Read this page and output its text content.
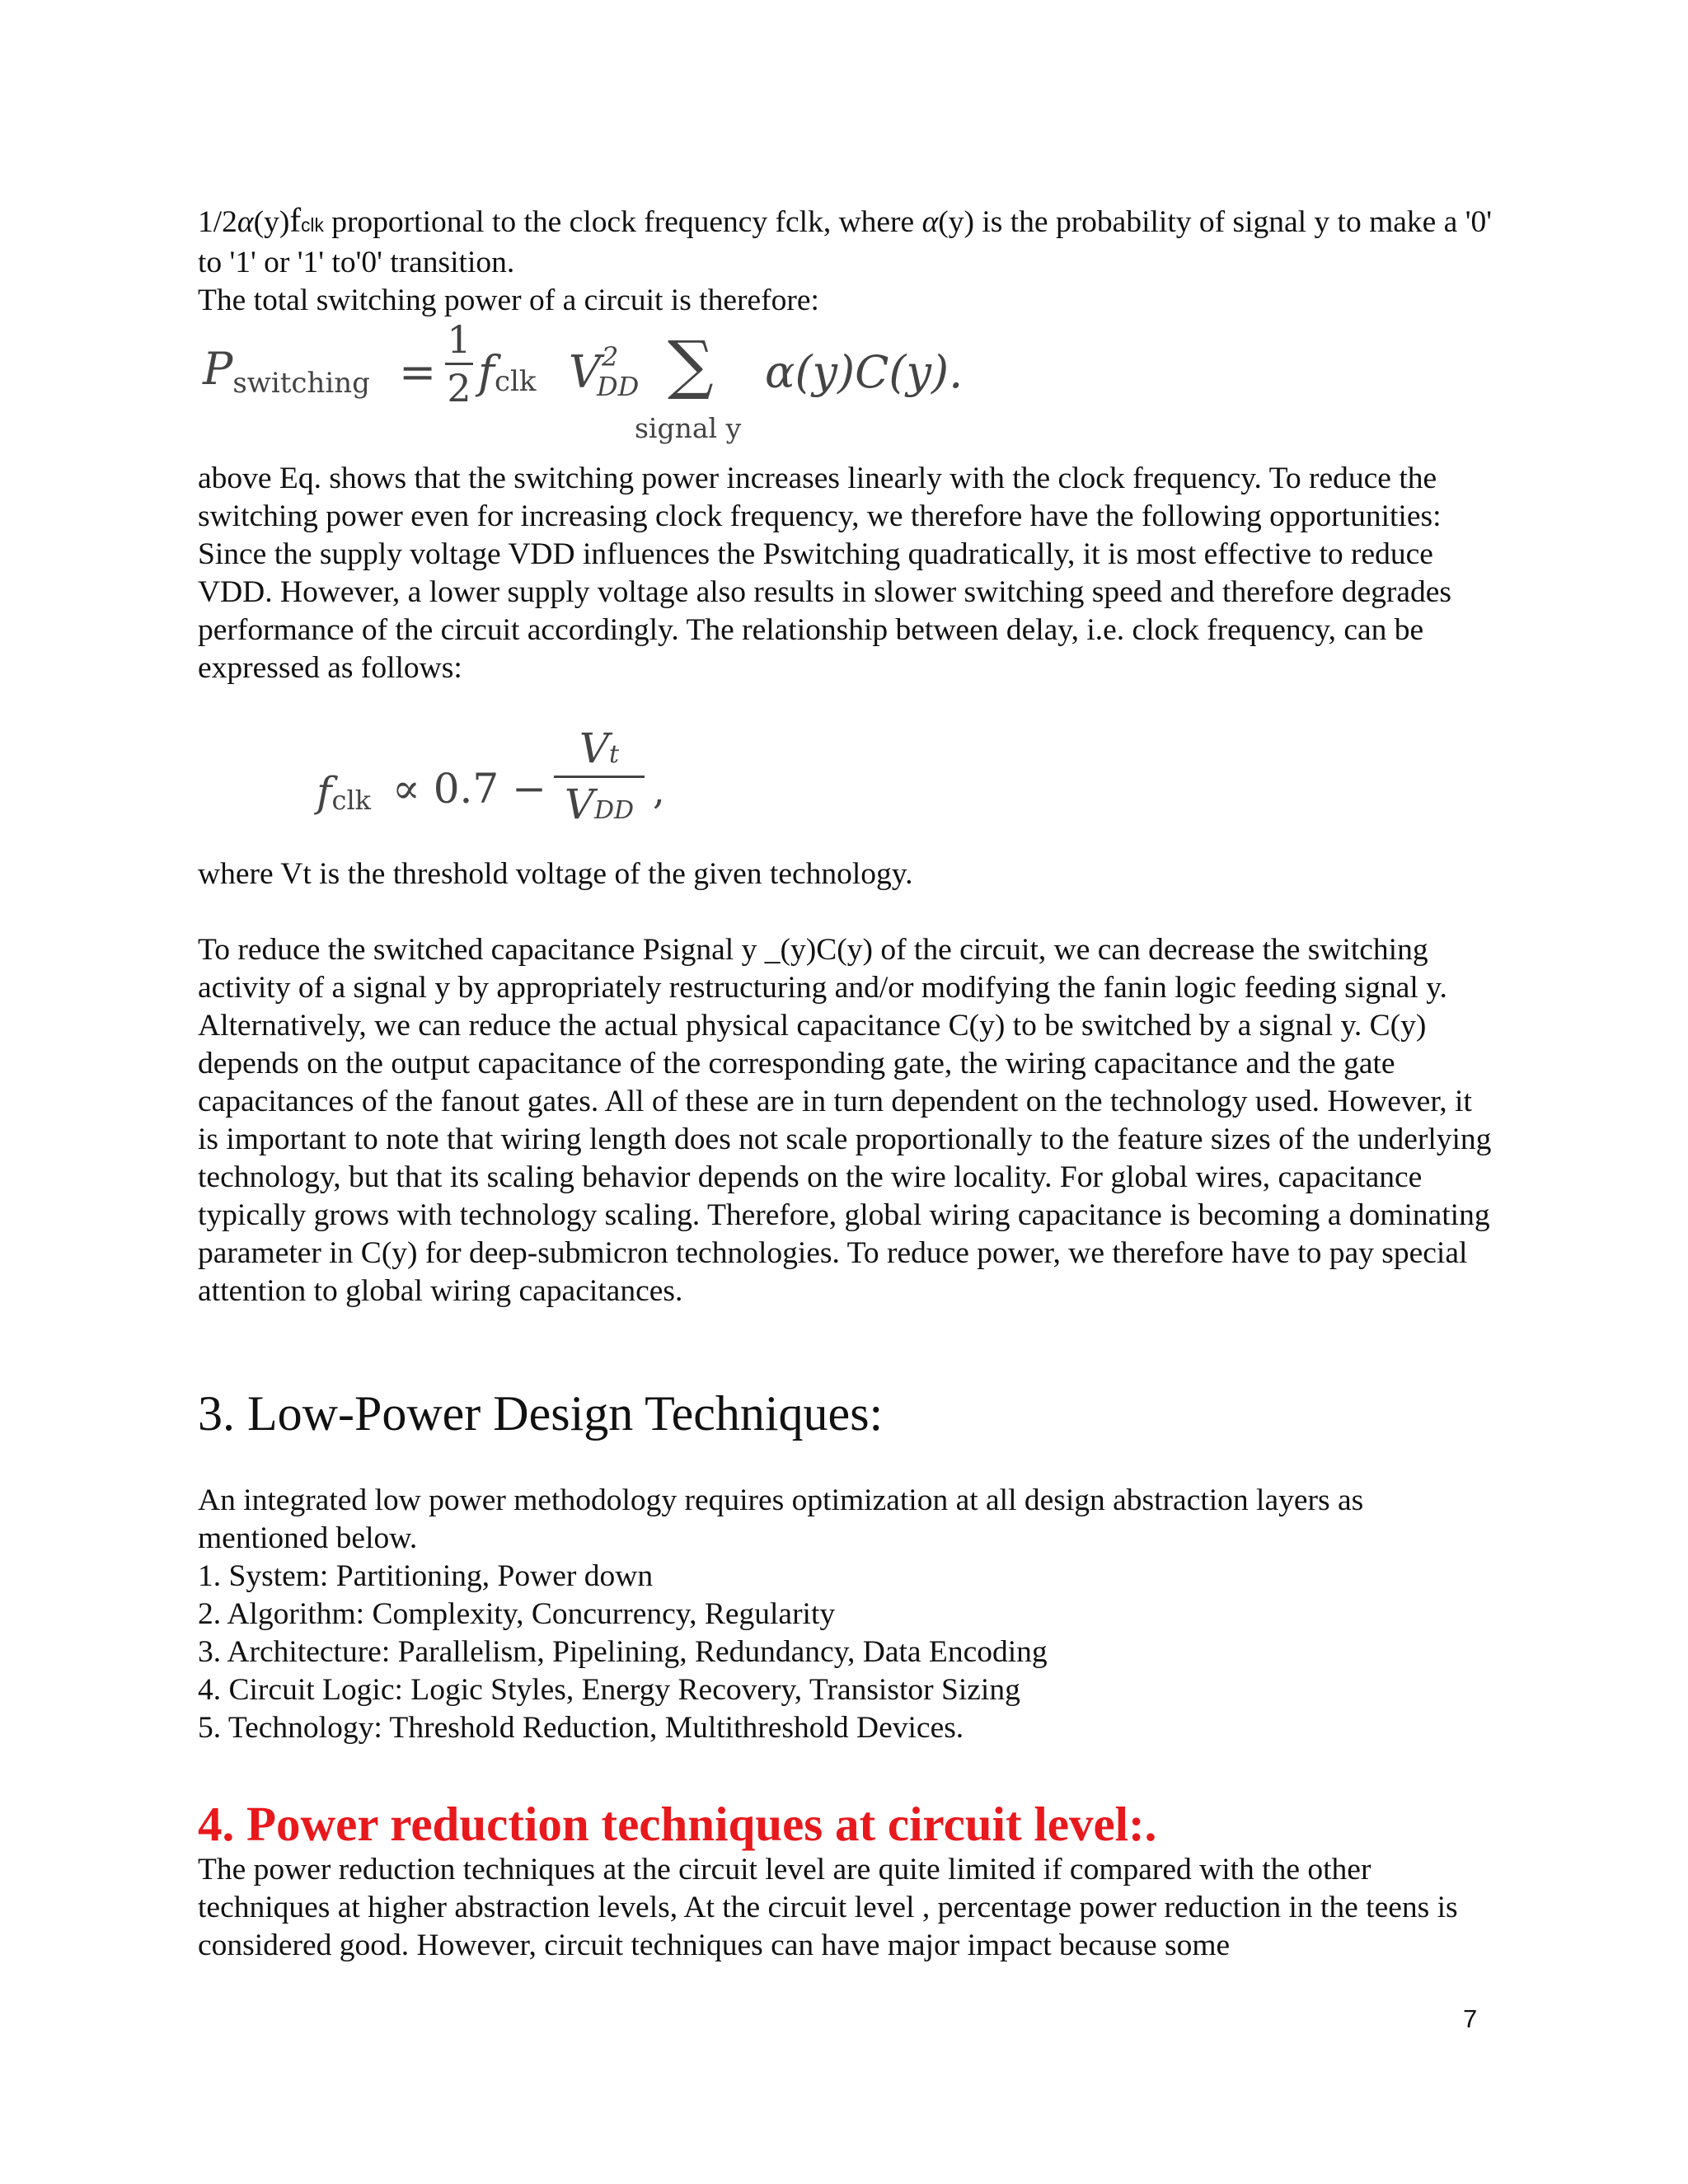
1/2α(y)fclk proportional to the clock frequency fclk, where α(y) is the probability of signal y to make a '0' to '1' or '1' to'0' transition.

The total switching power of a circuit is therefore:

Pswitching =
1
2 fclk V 2
DD ∑
signal y
α(y)C(y).

above Eq. shows that the switching power increases linearly with the clock frequency. To reduce the switching power even for increasing clock frequency, we therefore have the following opportunities:

Since the supply voltage VDD influences the Pswitching quadratically, it is most effective to reduce VDD. However, a lower supply voltage also results in slower switching speed and therefore degrades performance of the circuit accordingly. The relationship between delay, i.e. clock frequency, can be expressed as follows:

fclk ∝ 0.7 −
Vt
VDD ,

where Vt is the threshold voltage of the given technology.

To reduce the switched capacitance Psignal y _(y)C(y) of the circuit, we can decrease the switching activity of a signal y by appropriately restructuring and/or modifying the fanin logic feeding signal y. Alternatively, we can reduce the actual physical capacitance C(y) to be switched by a signal y. C(y) depends on the output capacitance of the corresponding gate, the wiring capacitance and the gate capacitances of the fanout gates. All of these are in turn dependent on the technology used. However, it is important to note that wiring length does not scale proportionally to the feature sizes of the underlying technology, but that its scaling behavior depends on the wire locality. For global wires, capacitance typically grows with technology scaling. Therefore, global wiring capacitance is becoming a dominating parameter in C(y) for deep-submicron technologies. To reduce power, we therefore have to pay special attention to global wiring capacitances.

3. Low-Power Design Techniques:

An integrated low power methodology requires optimization at all design abstraction layers as mentioned below.

1. System: Partitioning, Power down

2. Algorithm: Complexity, Concurrency, Regularity

3. Architecture: Parallelism, Pipelining, Redundancy, Data Encoding

4. Circuit Logic: Logic Styles, Energy Recovery, Transistor Sizing

5. Technology: Threshold Reduction, Multithreshold Devices.

4. Power reduction techniques at circuit level:.

The power reduction techniques at the circuit level are quite limited if compared with the other techniques at higher abstraction levels, At the circuit level , percentage power reduction in the teens is considered good. However, circuit techniques can have major impact because some

7
